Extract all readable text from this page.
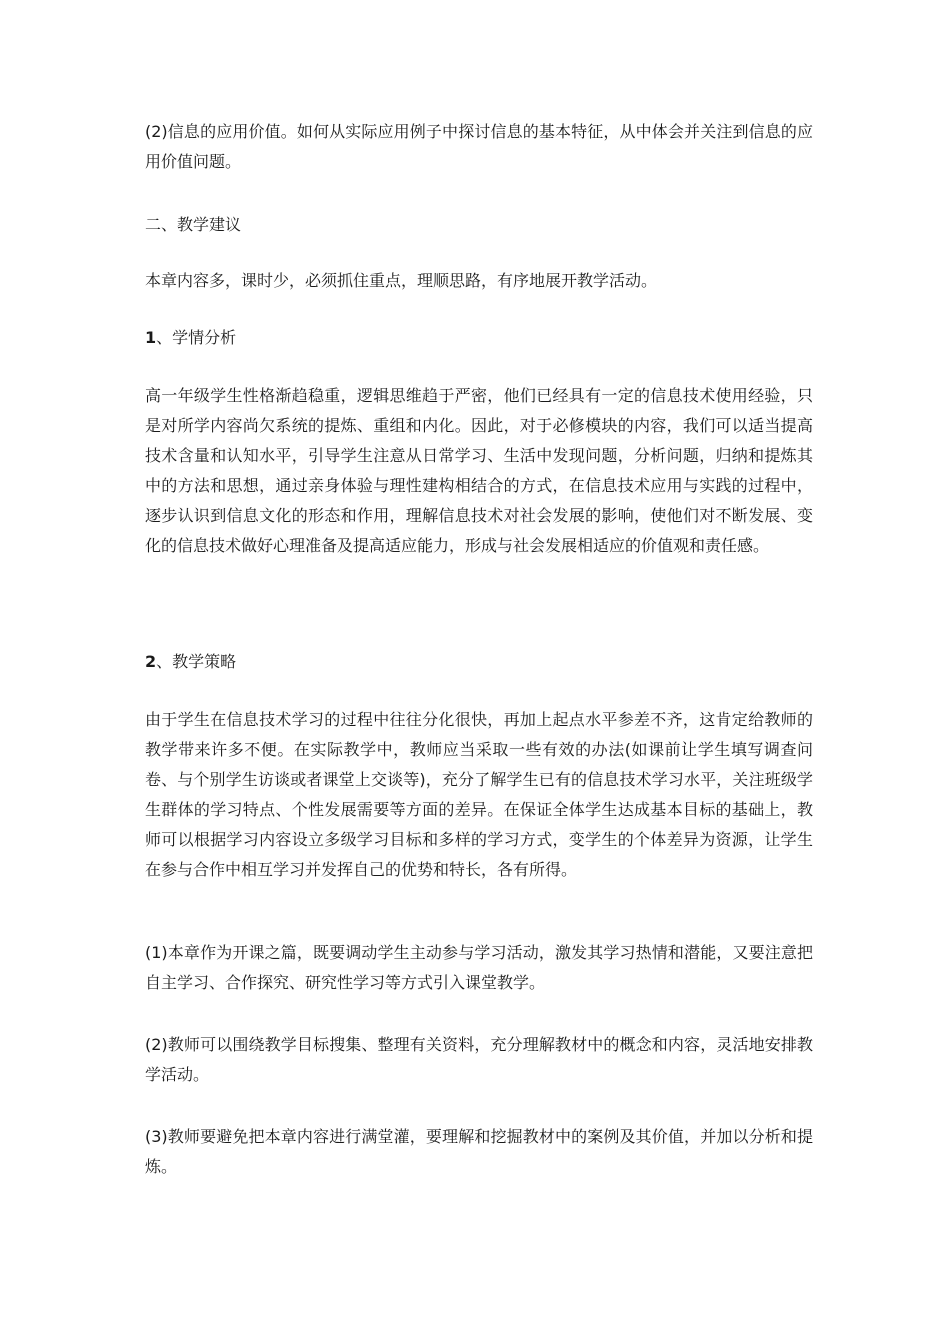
(2)信息的应用价值。如何从实际应用例子中探讨信息的基本特征，从中体会并关注到信息的应用价值问题。
二、教学建议
本章内容多，课时少，必须抓住重点，理顺思路，有序地展开教学活动。
1、学情分析
高一年级学生性格渐趋稳重，逻辑思维趋于严密，他们已经具有一定的信息技术使用经验，只是对所学内容尚欠系统的提炼、重组和内化。因此，对于必修模块的内容，我们可以适当提高技术含量和认知水平，引导学生注意从日常学习、生活中发现问题，分析问题，归纳和提炼其中的方法和思想，通过亲身体验与理性建构相结合的方式，在信息技术应用与实践的过程中，逐步认识到信息文化的形态和作用，理解信息技术对社会发展的影响，使他们对不断发展、变化的信息技术做好心理准备及提高适应能力，形成与社会发展相适应的价值观和责任感。
2、教学策略
由于学生在信息技术学习的过程中往往分化很快，再加上起点水平参差不齐，这肯定给教师的教学带来许多不便。在实际教学中，教师应当采取一些有效的办法(如课前让学生填写调查问卷、与个别学生访谈或者课堂上交谈等)，充分了解学生已有的信息技术学习水平，关注班级学生群体的学习特点、个性发展需要等方面的差异。在保证全体学生达成基本目标的基础上，教师可以根据学习内容设立多级学习目标和多样的学习方式，变学生的个体差异为资源，让学生在参与合作中相互学习并发挥自己的优势和特长，各有所得。
(1)本章作为开课之篇，既要调动学生主动参与学习活动，激发其学习热情和潜能，又要注意把自主学习、合作探究、研究性学习等方式引入课堂教学。
(2)教师可以围绕教学目标搜集、整理有关资料，充分理解教材中的概念和内容，灵活地安排教学活动。
(3)教师要避免把本章内容进行满堂灌，要理解和挖掘教材中的案例及其价值，并加以分析和提炼。
